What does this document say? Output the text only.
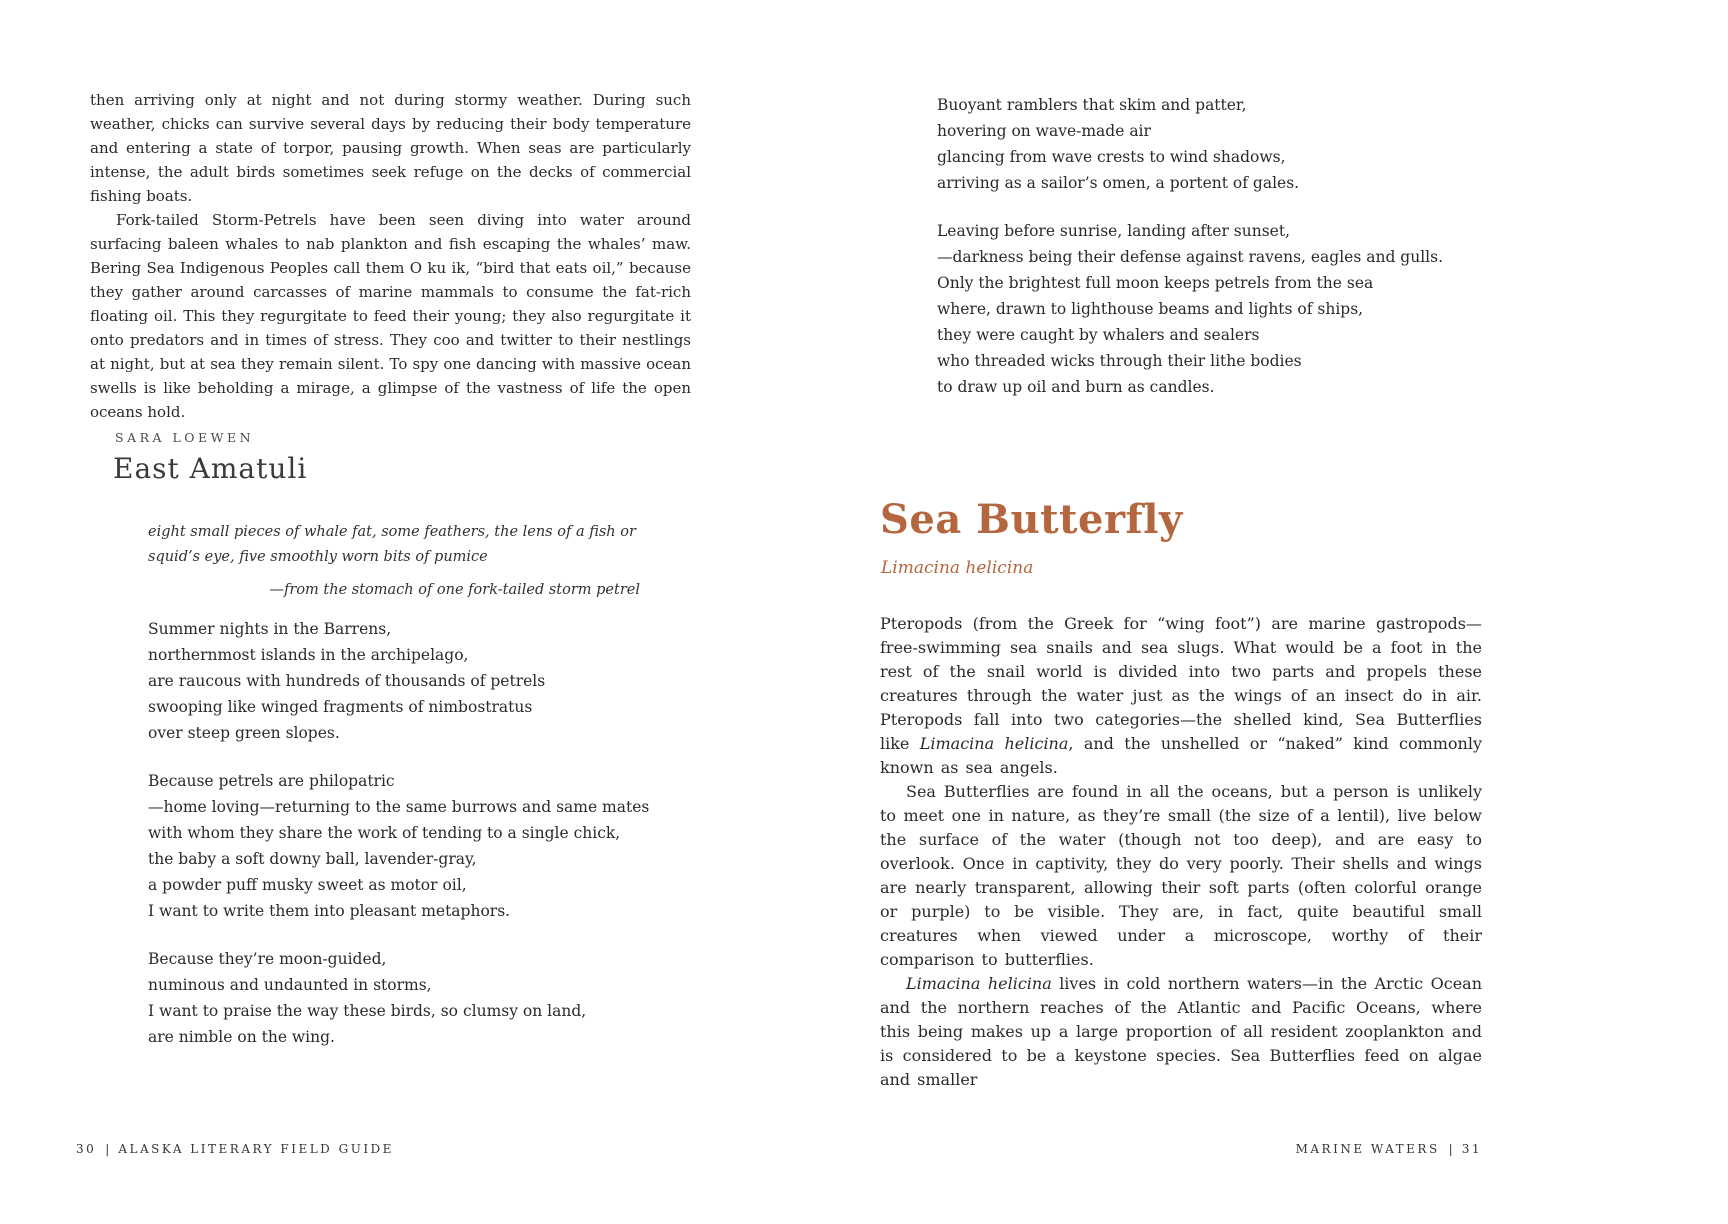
then arriving only at night and not during stormy weather. During such weather, chicks can survive several days by reducing their body temperature and entering a state of torpor, pausing growth. When seas are particularly intense, the adult birds sometimes seek refuge on the decks of commercial fishing boats.

Fork-tailed Storm-Petrels have been seen diving into water around surfacing baleen whales to nab plankton and fish escaping the whales’ maw. Bering Sea Indigenous Peoples call them O ku ik, “bird that eats oil,” because they gather around carcasses of marine mammals to consume the fat-rich floating oil. This they regurgitate to feed their young; they also regurgitate it onto predators and in times of stress. They coo and twitter to their nestlings at night, but at sea they remain silent. To spy one dancing with massive ocean swells is like beholding a mirage, a glimpse of the vastness of life the open oceans hold.

SARA LOEWEN
East Amatuli
eight small pieces of whale fat, some feathers, the lens of a fish or squid’s eye, five smoothly worn bits of pumice
—from the stomach of one fork-tailed storm petrel
Summer nights in the Barrens,
northernmost islands in the archipelago,
are raucous with hundreds of thousands of petrels
swooping like winged fragments of nimbostratus
over steep green slopes.
Because petrels are philopatric
—home loving—returning to the same burrows and same mates
with whom they share the work of tending to a single chick,
the baby a soft downy ball, lavender-gray,
a powder puff musky sweet as motor oil,
I want to write them into pleasant metaphors.
Because they’re moon-guided,
numinous and undaunted in storms,
I want to praise the way these birds, so clumsy on land,
are nimble on the wing.
30 | ALASKA LITERARY FIELD GUIDE
Buoyant ramblers that skim and patter,
hovering on wave-made air
glancing from wave crests to wind shadows,
arriving as a sailor’s omen, a portent of gales.
Leaving before sunrise, landing after sunset,
—darkness being their defense against ravens, eagles and gulls.
Only the brightest full moon keeps petrels from the sea
where, drawn to lighthouse beams and lights of ships,
they were caught by whalers and sealers
who threaded wicks through their lithe bodies
to draw up oil and burn as candles.
Sea Butterfly
Limacina helicina

Pteropods (from the Greek for “wing foot”) are marine gastropods—free-swimming sea snails and sea slugs. What would be a foot in the rest of the snail world is divided into two parts and propels these creatures through the water just as the wings of an insect do in air. Pteropods fall into two categories—the shelled kind, Sea Butterflies like Limacina helicina, and the unshelled or “naked” kind commonly known as sea angels.

Sea Butterflies are found in all the oceans, but a person is unlikely to meet one in nature, as they’re small (the size of a lentil), live below the surface of the water (though not too deep), and are easy to overlook. Once in captivity, they do very poorly. Their shells and wings are nearly transparent, allowing their soft parts (often colorful orange or purple) to be visible. They are, in fact, quite beautiful small creatures when viewed under a microscope, worthy of their comparison to butterflies.

Limacina helicina lives in cold northern waters—in the Arctic Ocean and the northern reaches of the Atlantic and Pacific Oceans, where this being makes up a large proportion of all resident zooplankton and is considered to be a keystone species. Sea Butterflies feed on algae and smaller

MARINE WATERS | 31
